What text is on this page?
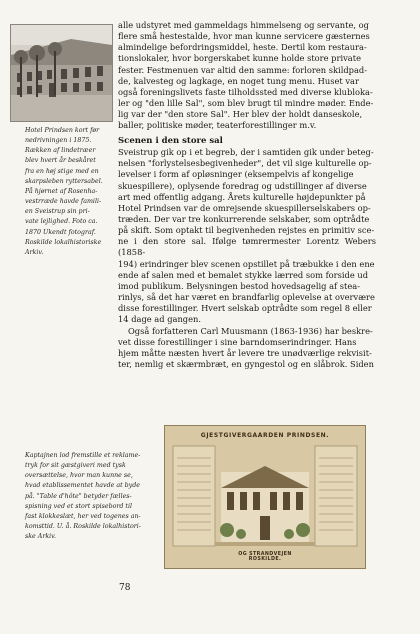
Hotel Prindsen kort før
nedrivningen i 1875.
Rækken af lindetræer
blev hvert år beskåret
fra en høj stige med en
skarpsleben ryttersabel.
På hjørnet af Rosenha-
vestrræde havde famili-
en Sveistrup sin pri-
vate lejlighed. Foto ca.
1870 Ukendt fotograf.
Roskilde lokalhistoriske
Arkiv.

alle udstyret med gammeldags himmelseng og servante, og
flere små hestestalde, hvor man kunne servicere gæsternes
almindelige befordringsmiddel, heste. Dertil kom restaura-
tionslokaler, hvor borgerskabet kunne holde store private
fester. Festmenuen var altid den samme: forloren skildpad-
de, kalvesteg og lagkage, en noget tung menu. Huset var
også foreningslivets faste tilholdssted med diverse klubloka-
ler og "den lille Sal", som blev brugt til mindre møder. Ende-
lig var der "den store Sal". Her blev der holdt danseskole,
baller, politiske møder, teaterforestillinger m.v.

Scenen i den store sal

Sveistrup gik op i et begreb, der i samtiden gik under beteg-
nelsen "forlystelsesbegivenheder", det vil sige kulturelle op-
levelser i form af opløsninger (eksempelvis af kongelige
skuespillere), oplysende foredrag og udstillinger af diverse
art med offentlig adgang. Årets kulturelle højdepunkter på
Hotel Prindsen var de omrejsende skuespillerselskabers op-
træden. Der var tre konkurrerende selskaber, som optrådte
på skift. Som optakt til begivenheden rejstes en primitiv sce-
ne i den store sal. Ifølge tømrermester Lorentz Webers (1858-
194) erindringer blev scenen opstillet på træbukke i den ene
ende af salen med et bemalet stykke lærred som forside ud
imod publikum. Belysningen bestod hovedsagelig af stea-
rinlys, så det har været en brandfarlig oplevelse at overvære
disse forestillinger. Hvert selskab optrådte som regel 8 eller
14 dage ad gangen.

Også forfatteren Carl Muusmann (1863-1936) har beskre-
vet disse forestillinger i sine barndomserindringer. Hans
hjem måtte næsten hvert år levere tre unødværlige rekvisit-
ter, nemlig et skærmbræt, en gyngestol og en slåbrok. Siden

GJESTGIVERGAARDEN PRINDSEN.
OG STRANDVEJEN
ROSKILDE.

Kaptajnen lod fremstille et reklame-
tryk for sit gæstgiveri med tysk
oversættelse, hvor man kunne se,
hvad etablissementet havde at byde
på. "Table d'hôte" betyder fælles-
spisning ved et stort spisebord til
fast klokkeslæt, her ved togenes an-
komsttid. U. å. Roskilde lokalhistori-
ske Arkiv.

78
